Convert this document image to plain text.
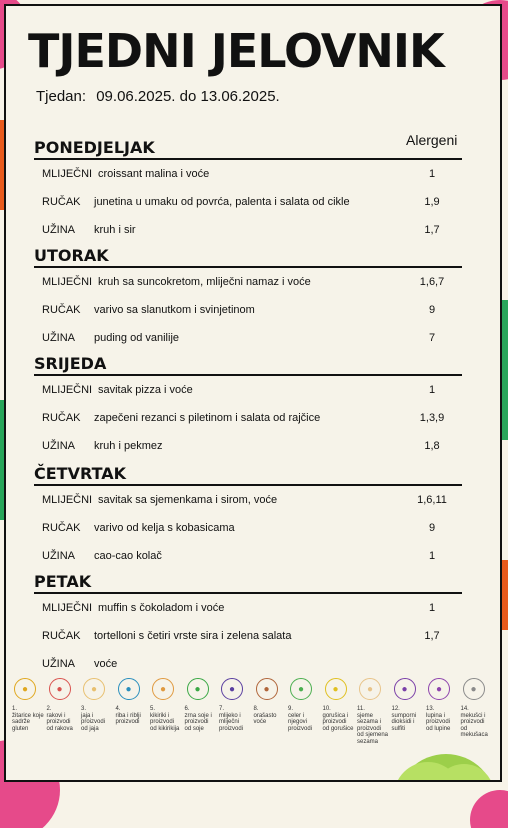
TJEDNI JELOVNIK
Tjedan: 09.06.2025. do 13.06.2025.
Alergeni
PONEDJELJAK
MLIJEČNI croissant malina i voće	1
RUČAK junetina u umaku od povrća, palenta i salata od cikle	1,9
UŽINA kruh i sir	1,7
UTORAK
MLIJEČNI kruh sa suncokretom, mliječni namaz i voće	1,6,7
RUČAK varivo sa slanutkom i svinjetinom	9
UŽINA puding od vanilije	7
SRIJEDA
MLIJEČNI savitak pizza i voće	1
RUČAK zapečeni rezanci s piletinom i salata od rajčice	1,3,9
UŽINA kruh i pekmez	1,8
ČETVRTAK
MLIJEČNI savitak sa sjemenkama i sirom, voće	1,6,11
RUČAK varivo od kelja s kobasicama	9
UŽINA cao-cao kolač	1
PETAK
MLIJEČNI muffin s čokoladom i voće	1
RUČAK tortelloni s četiri vrste sira i zelena salata	1,7
UŽINA voće
●
1.
žitarice koje sadrže gluten
●
2.
rakovi i proizvodi od rakova
●
3.
jaja i proizvodi od jaja
●
4.
riba i riblji proizvodi
●
5.
kikiriki i proizvodi od kikirikija
●
6.
zrna soje i proizvodi od soje
●
7.
mlijeko i mliječni proizvodi
●
8.
orašasto voće
●
9.
celer i njegovi proizvodi
●
10.
gorušica i proizvodi od gorušice
●
11.
sjeme sezama i proizvodi od sjemena sezama
●
12.
sumporni dioksidi i sulfiti
●
13.
lupina i proizvodi od lupine
●
14.
mekušci i proizvodi od mekušaca
